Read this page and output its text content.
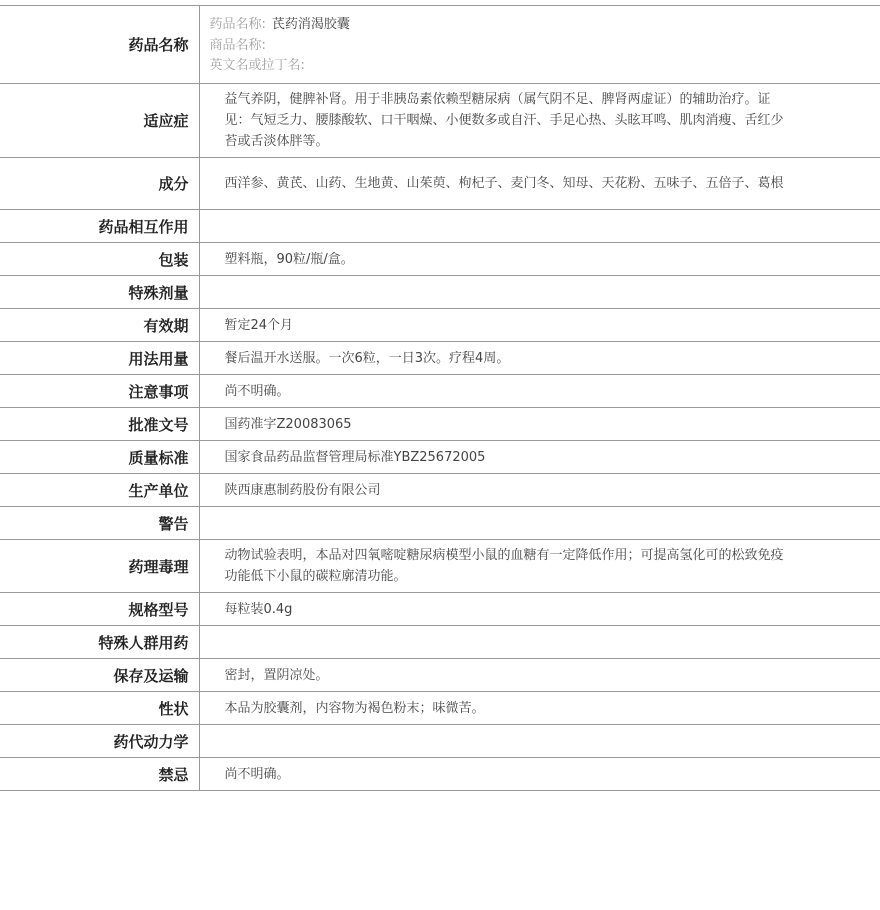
药品名称	药品名称: 芪药消渴胶囊
商品名称:
英文名或拉丁名:

适应症	益气养阴，健脾补肾。用于非胰岛素依赖型糖尿病（属气阴不足、脾肾两虚证）的辅助治疗。证见：气短乏力、腰膝酸软、口干咽燥、小便数多或自汗、手足心热、头眩耳鸣、肌肉消瘦、舌红少苔或舌淡体胖等。
成分	西洋参、黄芪、山药、生地黄、山茱萸、枸杞子、麦门冬、知母、天花粉、五味子、五倍子、葛根
药品相互作用	
包装	塑料瓶，90粒/瓶/盒。
特殊剂量	
有效期	暂定24个月
用法用量	餐后温开水送服。一次6粒，一日3次。疗程4周。
注意事项	尚不明确。
批准文号	国药准字Z20083065
质量标准	国家食品药品监督管理局标准YBZ25672005
生产单位	陕西康惠制药股份有限公司
警告	
药理毒理	动物试验表明，本品对四氧嘧啶糖尿病模型小鼠的血糖有一定降低作用；可提高氢化可的松致免疫功能低下小鼠的碳粒廓清功能。
规格型号	每粒装0.4g
特殊人群用药	
保存及运输	密封，置阴凉处。
性状	本品为胶囊剂，内容物为褐色粉末；味微苦。
药代动力学	
禁忌	尚不明确。
